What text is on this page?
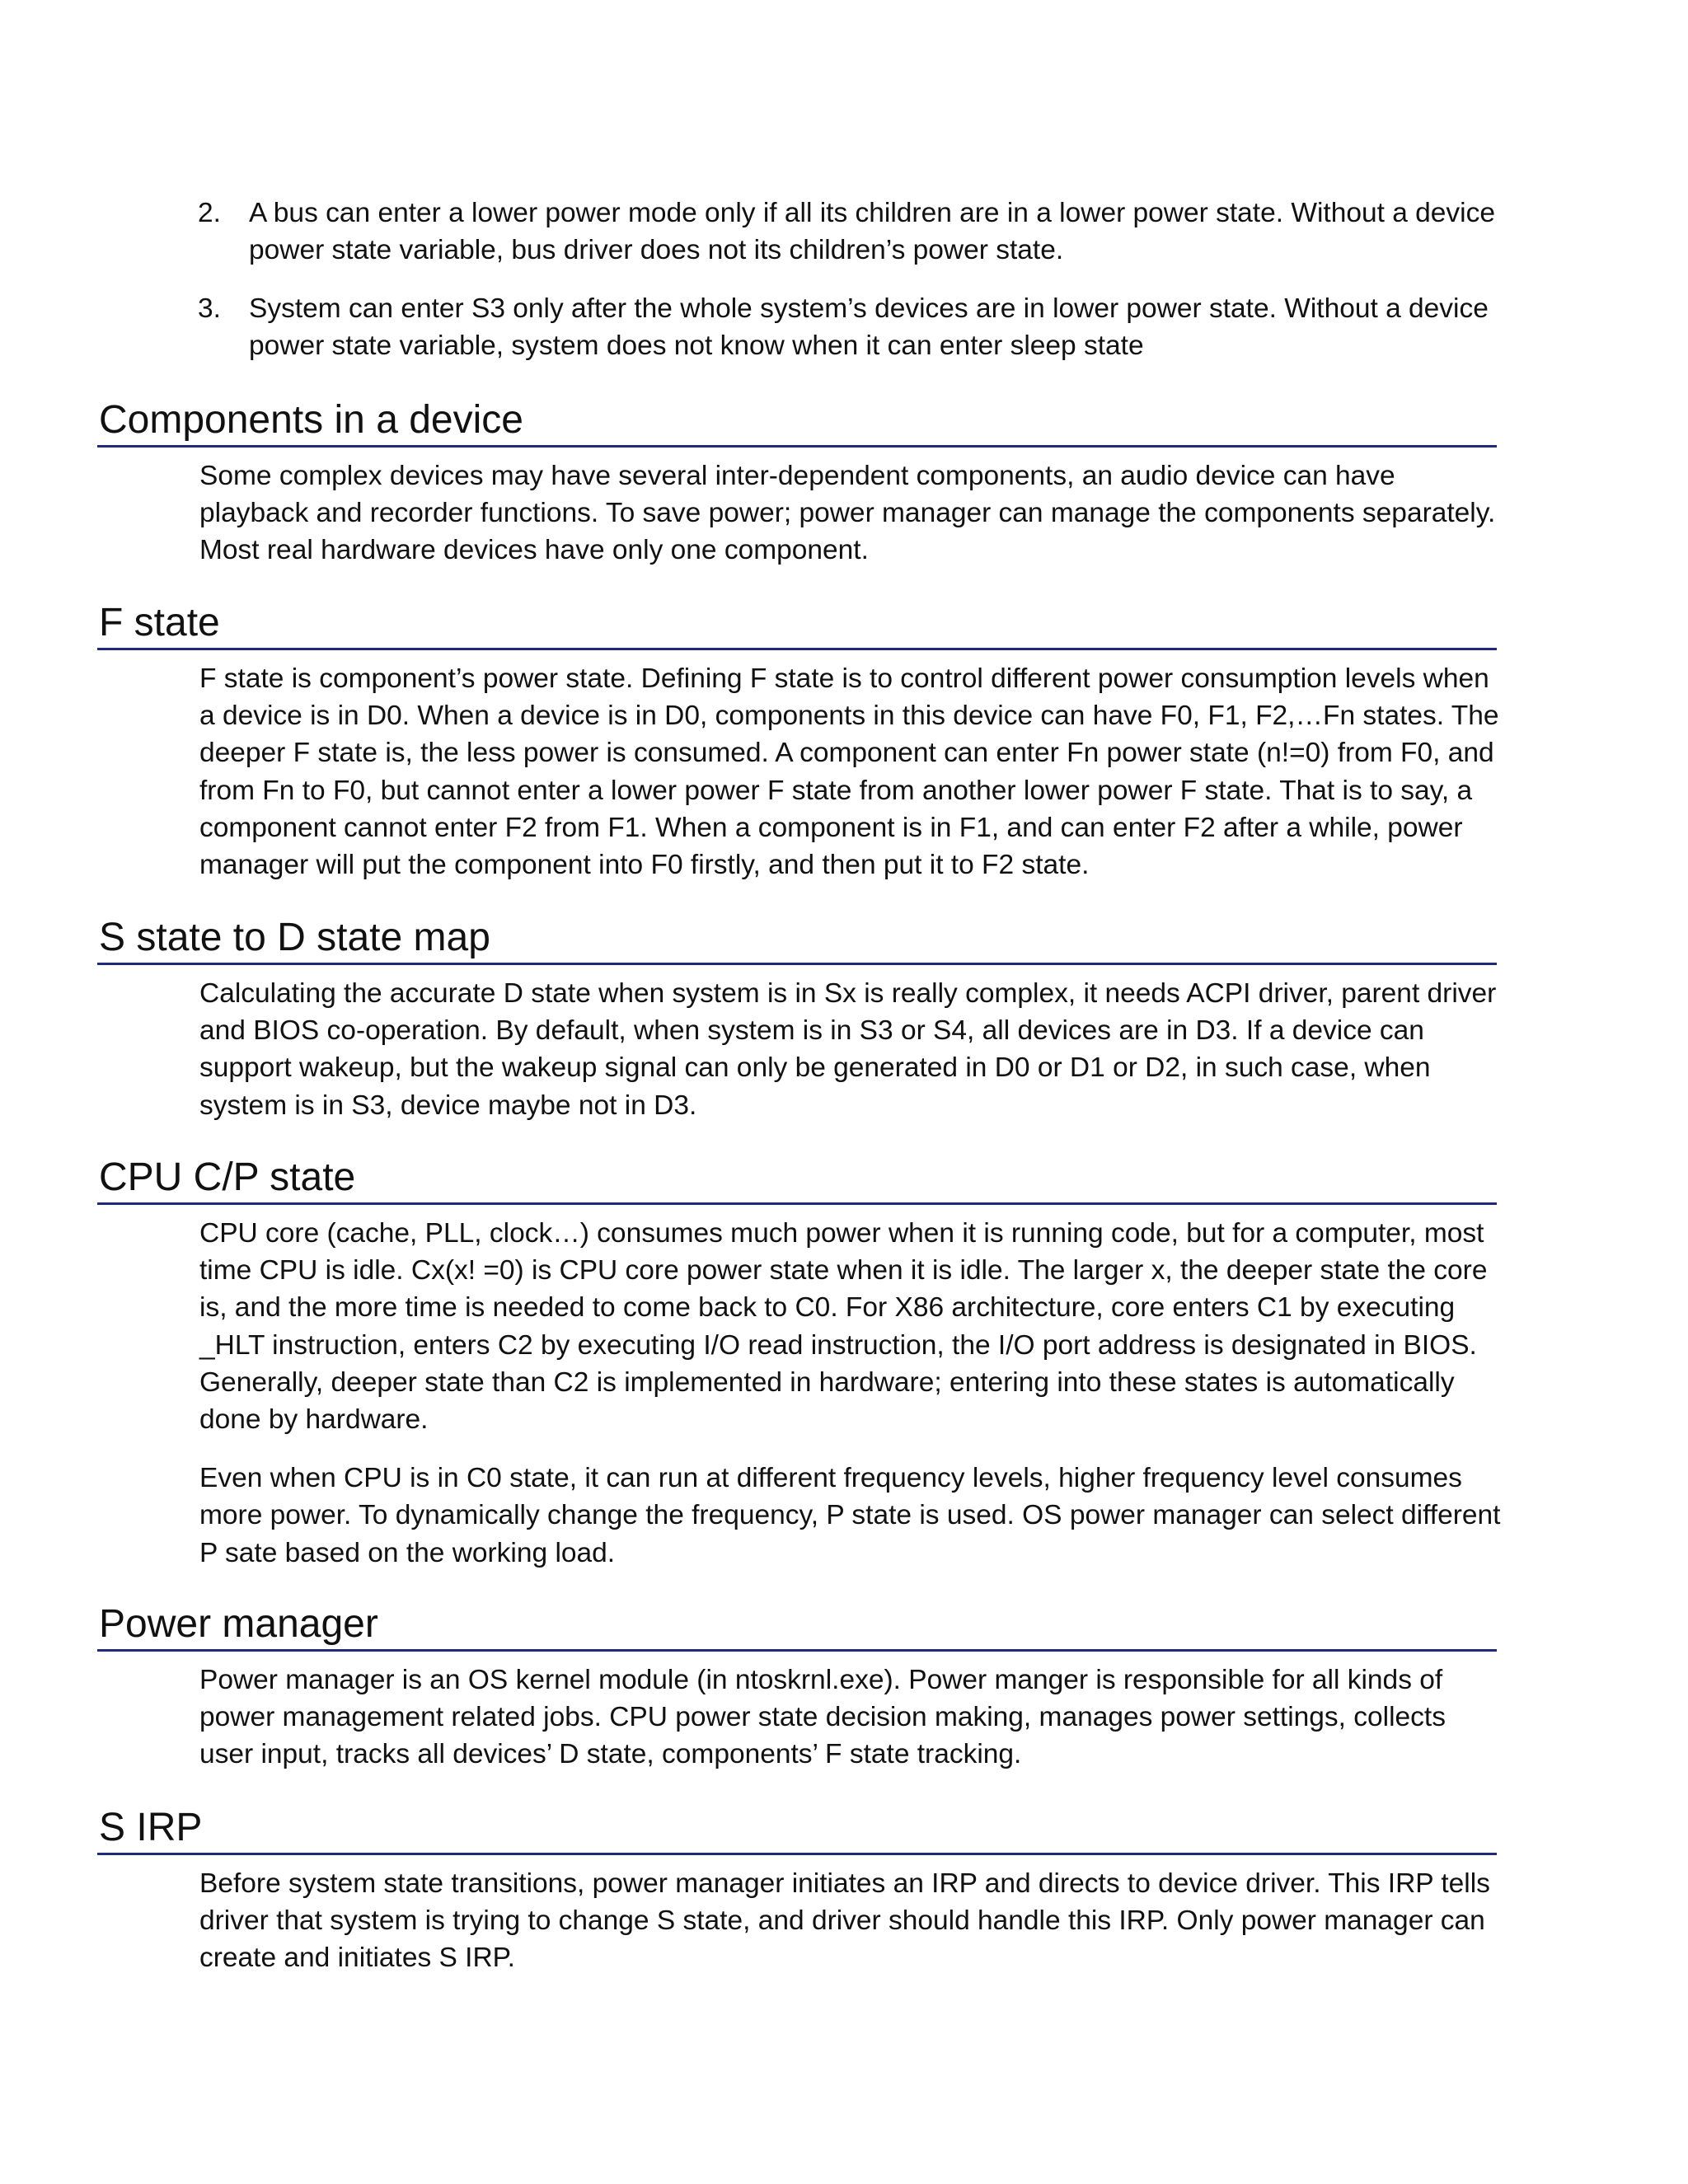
2. A bus can enter a lower power mode only if all its children are in a lower power state. Without a device power state variable, bus driver does not its children’s power state.
3. System can enter S3 only after the whole system’s devices are in lower power state. Without a device power state variable, system does not know when it can enter sleep state
Components in a device

Some complex devices may have several inter-dependent components, an audio device can have playback and recorder functions. To save power; power manager can manage the components separately. Most real hardware devices have only one component.

F state

F state is component’s power state. Defining F state is to control different power consumption levels when a device is in D0. When a device is in D0, components in this device can have F0, F1, F2,…Fn states. The deeper F state is, the less power is consumed. A component can enter Fn power state (n!=0) from F0, and from Fn to F0, but cannot enter a lower power F state from another lower power F state. That is to say, a component cannot enter F2 from F1. When a component is in F1, and can enter F2 after a while, power manager will put the component into F0 firstly, and then put it to F2 state.

S state to D state map

Calculating the accurate D state when system is in Sx is really complex, it needs ACPI driver, parent driver and BIOS co-operation. By default, when system is in S3 or S4, all devices are in D3. If a device can support wakeup, but the wakeup signal can only be generated in D0 or D1 or D2, in such case, when system is in S3, device maybe not in D3.

CPU C/P state

CPU core (cache, PLL, clock…) consumes much power when it is running code, but for a computer, most time CPU is idle. Cx(x! =0) is CPU core power state when it is idle. The larger x, the deeper state the core is, and the more time is needed to come back to C0. For X86 architecture, core enters C1 by executing _HLT instruction, enters C2 by executing I/O read instruction, the I/O port address is designated in BIOS. Generally, deeper state than C2 is implemented in hardware; entering into these states is automatically done by hardware.

Even when CPU is in C0 state, it can run at different frequency levels, higher frequency level consumes more power. To dynamically change the frequency, P state is used. OS power manager can select different P sate based on the working load.

Power manager

Power manager is an OS kernel module (in ntoskrnl.exe). Power manger is responsible for all kinds of power management related jobs. CPU power state decision making, manages power settings, collects user input, tracks all devices’ D state, components’ F state tracking.

S IRP

Before system state transitions, power manager initiates an IRP and directs to device driver. This IRP tells driver that system is trying to change S state, and driver should handle this IRP. Only power manager can create and initiates S IRP.
